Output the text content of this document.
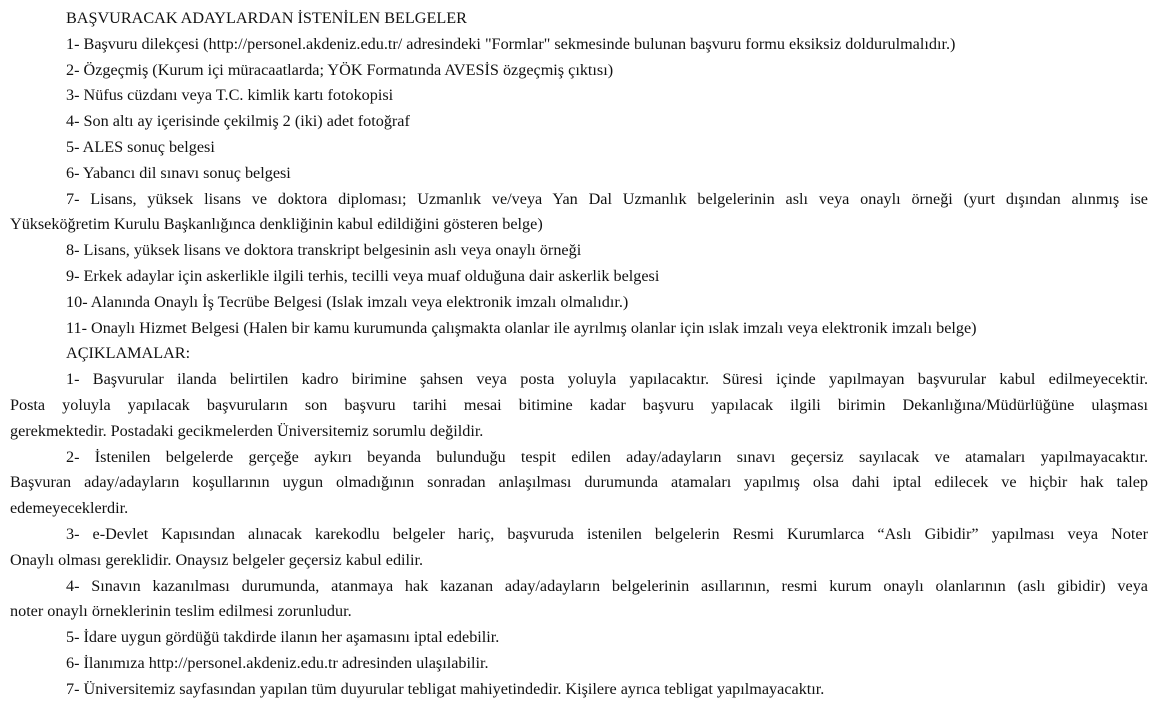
BAŞVURACAK ADAYLARDAN İSTENİLEN BELGELER
1- Başvuru dilekçesi (http://personel.akdeniz.edu.tr/ adresindeki "Formlar" sekmesinde bulunan başvuru formu eksiksiz doldurulmalıdır.)
2- Özgeçmiş (Kurum içi müracaatlarda; YÖK Formatında AVESİS özgeçmiş çıktısı)
3- Nüfus cüzdanı veya T.C. kimlik kartı fotokopisi
4- Son altı ay içerisinde çekilmiş 2 (iki) adet fotoğraf
5- ALES sonuç belgesi
6- Yabancı dil sınavı sonuç belgesi
7- Lisans, yüksek lisans ve doktora diploması; Uzmanlık ve/veya Yan Dal Uzmanlık belgelerinin aslı veya onaylı örneği (yurt dışından alınmış ise
Yükseköğretim Kurulu Başkanlığınca denkliğinin kabul edildiğini gösteren belge)
8- Lisans, yüksek lisans ve doktora transkript belgesinin aslı veya onaylı örneği
9- Erkek adaylar için askerlikle ilgili terhis, tecilli veya muaf olduğuna dair askerlik belgesi
10- Alanında Onaylı İş Tecrübe Belgesi (Islak imzalı veya elektronik imzalı olmalıdır.)
11- Onaylı Hizmet Belgesi (Halen bir kamu kurumunda çalışmakta olanlar ile ayrılmış olanlar için ıslak imzalı veya elektronik imzalı belge)
AÇIKLAMALAR:
1- Başvurular ilanda belirtilen kadro birimine şahsen veya posta yoluyla yapılacaktır. Süresi içinde yapılmayan başvurular kabul edilmeyecektir.
Posta yoluyla yapılacak başvuruların son başvuru tarihi mesai bitimine kadar başvuru yapılacak ilgili birimin Dekanlığına/Müdürlüğüne ulaşması
gerekmektedir. Postadaki gecikmelerden Üniversitemiz sorumlu değildir.
2- İstenilen belgelerde gerçeğe aykırı beyanda bulunduğu tespit edilen aday/adayların sınavı geçersiz sayılacak ve atamaları yapılmayacaktır.
Başvuran aday/adayların koşullarının uygun olmadığının sonradan anlaşılması durumunda atamaları yapılmış olsa dahi iptal edilecek ve hiçbir hak talep
edemeyeceklerdir.
3- e-Devlet Kapısından alınacak karekodlu belgeler hariç, başvuruda istenilen belgelerin Resmi Kurumlarca “Aslı Gibidir” yapılması veya Noter
Onaylı olması gereklidir. Onaysız belgeler geçersiz kabul edilir.
4- Sınavın kazanılması durumunda, atanmaya hak kazanan aday/adayların belgelerinin asıllarının, resmi kurum onaylı olanlarının (aslı gibidir) veya
noter onaylı örneklerinin teslim edilmesi zorunludur.
5- İdare uygun gördüğü takdirde ilanın her aşamasını iptal edebilir.
6- İlanımıza http://personel.akdeniz.edu.tr adresinden ulaşılabilir.
7- Üniversitemiz sayfasından yapılan tüm duyurular tebligat mahiyetindedir. Kişilere ayrıca tebligat yapılmayacaktır.
